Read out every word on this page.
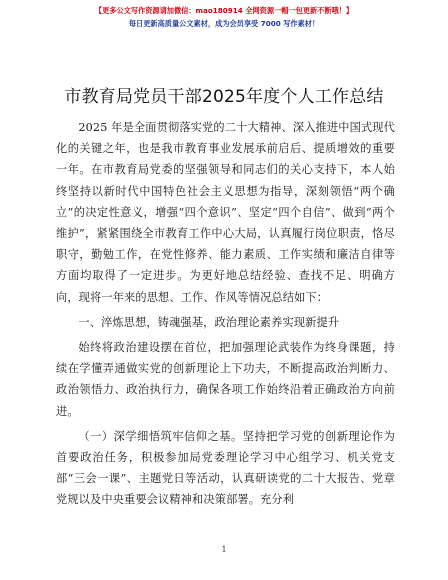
【更多公文写作资源请加微信：mao180914 全网资源一帽一包更新不断哦！】
每日更新高质量公文素材，成为会员享受 7000 写作素材！
市教育局党员干部2025年度个人工作总结

2025 年是全面贯彻落实党的二十大精神、深入推进中国式现代化的关键之年，也是我市教育事业发展承前启后、提质增效的重要一年。在市教育局党委的坚强领导和同志们的关心支持下，本人始终坚持以新时代中国特色社会主义思想为指导，深刻领悟“两个确立”的决定性意义，增强“四个意识”、坚定“四个自信”、做到“两个维护”，紧紧围绕全市教育工作中心大局，认真履行岗位职责，恪尽职守，勤勉工作，在党性修养、能力素质、工作实绩和廉洁自律等方面均取得了一定进步。为更好地总结经验、查找不足、明确方向，现将一年来的思想、工作、作风等情况总结如下：

一、淬炼思想，铸魂强基，政治理论素养实现新提升

始终将政治建设摆在首位，把加强理论武装作为终身课题，持续在学懂弄通做实党的创新理论上下功夫，不断提高政治判断力、政治领悟力、政治执行力，确保各项工作始终沿着正确政治方向前进。

（一）深学细悟筑牢信仰之基。坚持把学习党的创新理论作为首要政治任务，积极参加局党委理论学习中心组学习、机关党支部“三会一课”、主题党日等活动，认真研读党的二十大报告、党章党规以及中央重要会议精神和决策部署。充分利

1
